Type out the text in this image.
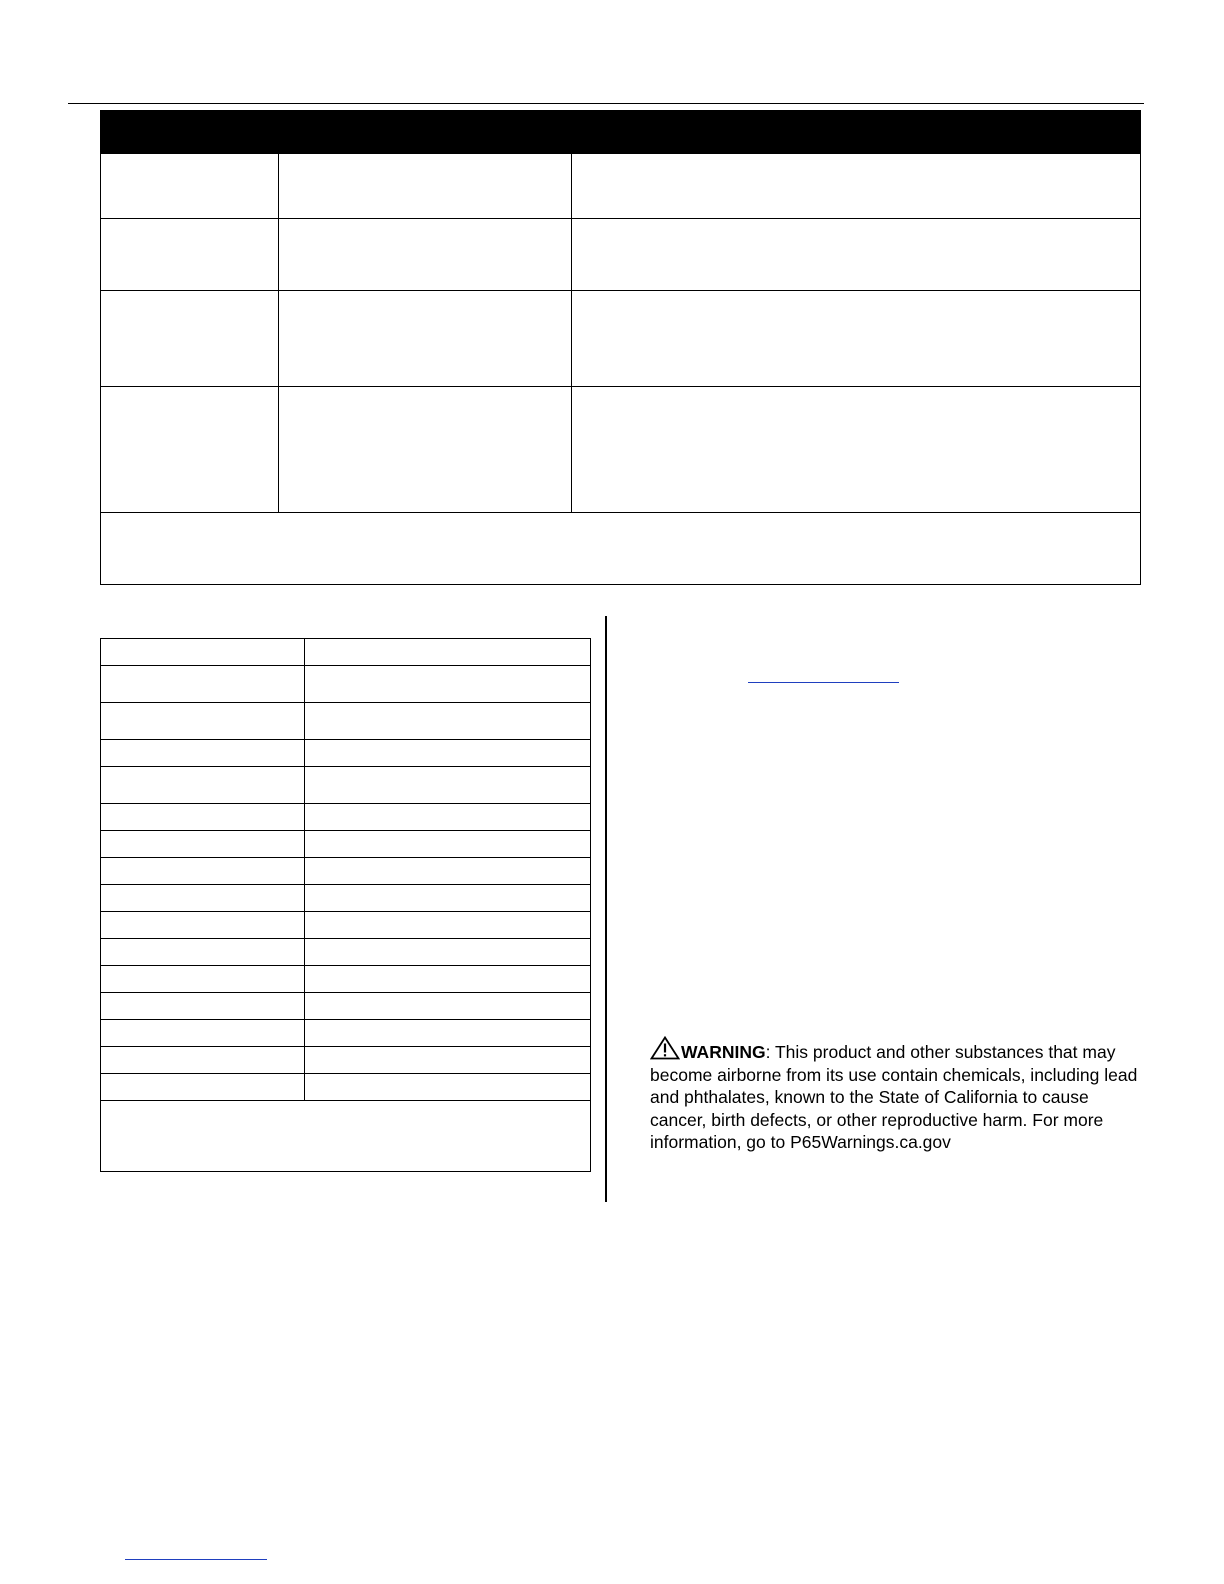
WARNING: This product and other substances that may become airborne from its use contain chemicals, including lead and phthalates, known to the State of California to cause cancer, birth defects, or other reproductive harm. For more information, go to P65Warnings.ca.gov
